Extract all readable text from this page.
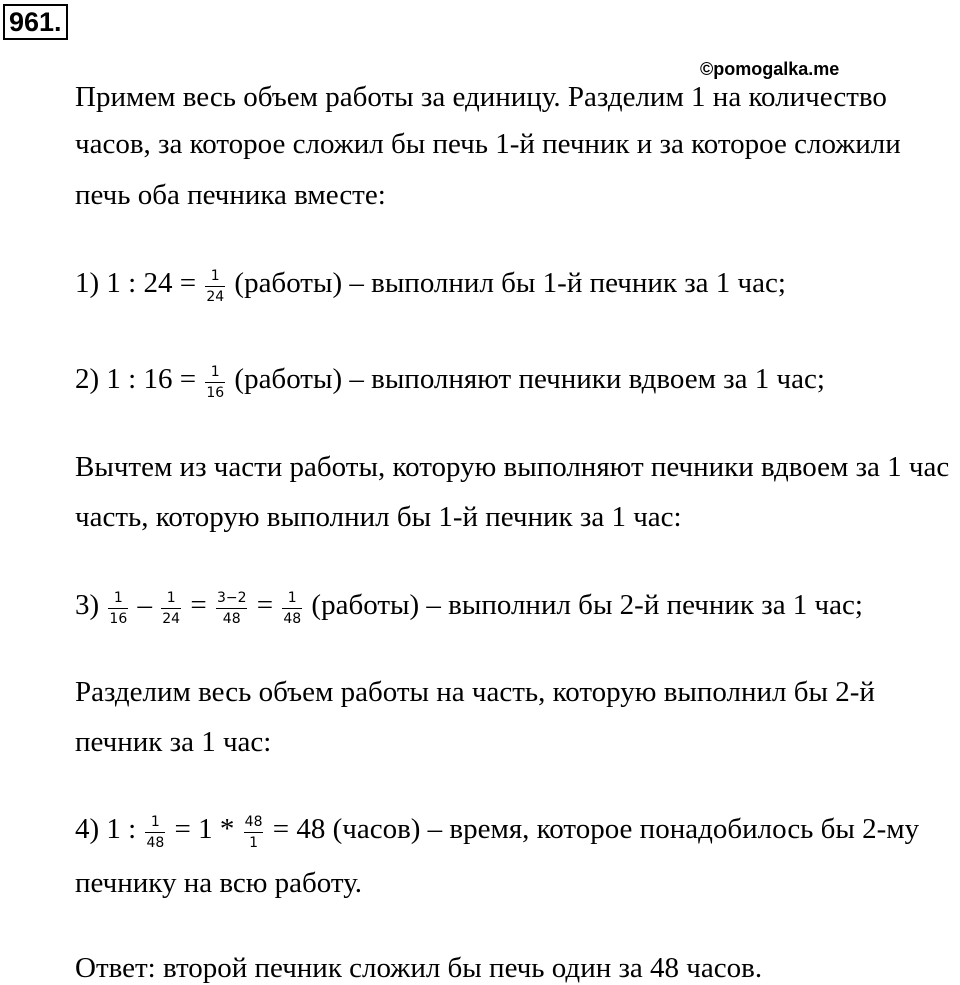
961.
©pomogalka.me
Примем весь объем работы за единицу. Разделим 1 на количество
часов, за которое сложил бы печь 1-й печник и за которое сложили
печь оба печника вместе:
1) 1 : $24 = \frac{1}{24}$ (работы) – выполнил бы 1-й печник за 1 час;
2) 1 : $16 = \frac{1}{16}$ (работы) – выполняют печники вдвоем за 1 час;
Вычтем из части работы, которую выполняют печники вдвоем за 1 час
часть, которую выполнил бы 1-й печник за 1 час:
$3) \frac{1}{16} - \frac{1}{24} = \frac{3-2}{48} = \frac{1}{48}$ (работы) – выполнил бы 2-й печник за 1 час;
Разделим весь объем работы на часть, которую выполнил бы 2-й
печник за 1 час:
4) 1 : $\frac{1}{48} = 1 * \frac{48}{1} = 48$ (часов) – время, которое понадобилось бы 2-му
печнику на всю работу.
Ответ: второй печник сложил бы печь один за 48 часов.
